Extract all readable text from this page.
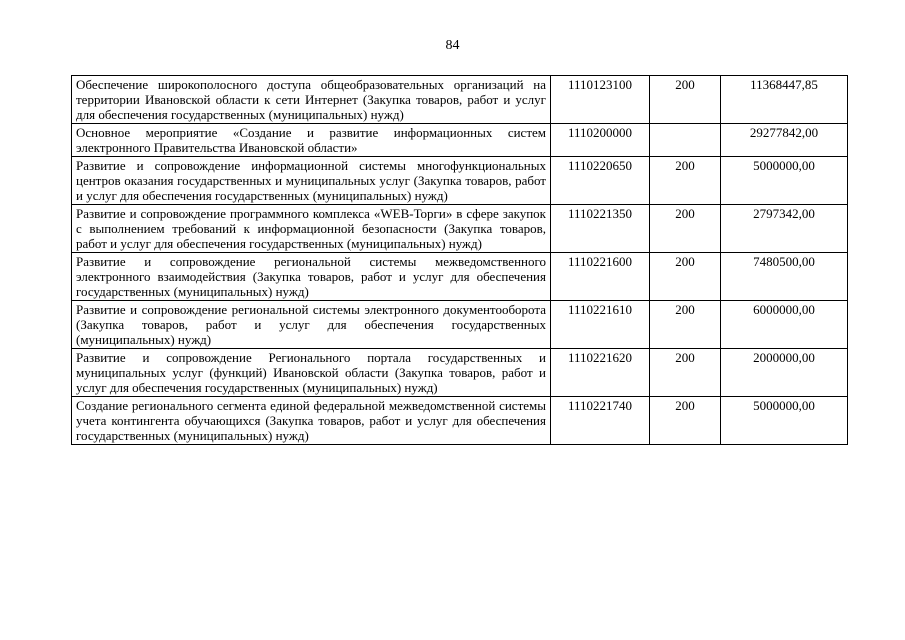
84
Обеспечение широкополосного доступа общеобразовательных организаций на территории Ивановской области к сети Интернет (Закупка товаров, работ и услуг для обеспечения государственных (муниципальных) нужд)	1110123100	200	11368447,85
Основное мероприятие «Создание и развитие информационных систем электронного Правительства Ивановской области»	1110200000		29277842,00
Развитие и сопровождение информационной системы многофункциональных центров оказания государственных и муниципальных услуг (Закупка товаров, работ и услуг для обеспечения государственных (муниципальных) нужд)	1110220650	200	5000000,00
Развитие и сопровождение программного комплекса «WEB-Торги» в сфере закупок с выполнением требований к информационной безопасности (Закупка товаров, работ и услуг для обеспечения государственных (муниципальных) нужд)	1110221350	200	2797342,00
Развитие и сопровождение региональной системы межведомственного электронного взаимодействия (Закупка товаров, работ и услуг для обеспечения государственных (муниципальных) нужд)	1110221600	200	7480500,00
Развитие и сопровождение региональной системы электронного документооборота (Закупка товаров, работ и услуг для обеспечения государственных (муниципальных) нужд)	1110221610	200	6000000,00
Развитие и сопровождение Регионального портала государственных и муниципальных услуг (функций) Ивановской области (Закупка товаров, работ и услуг для обеспечения государственных (муниципальных) нужд)	1110221620	200	2000000,00
Создание регионального сегмента единой федеральной межведомственной системы учета контингента обучающихся (Закупка товаров, работ и услуг для обеспечения государственных (муниципальных) нужд)	1110221740	200	5000000,00
